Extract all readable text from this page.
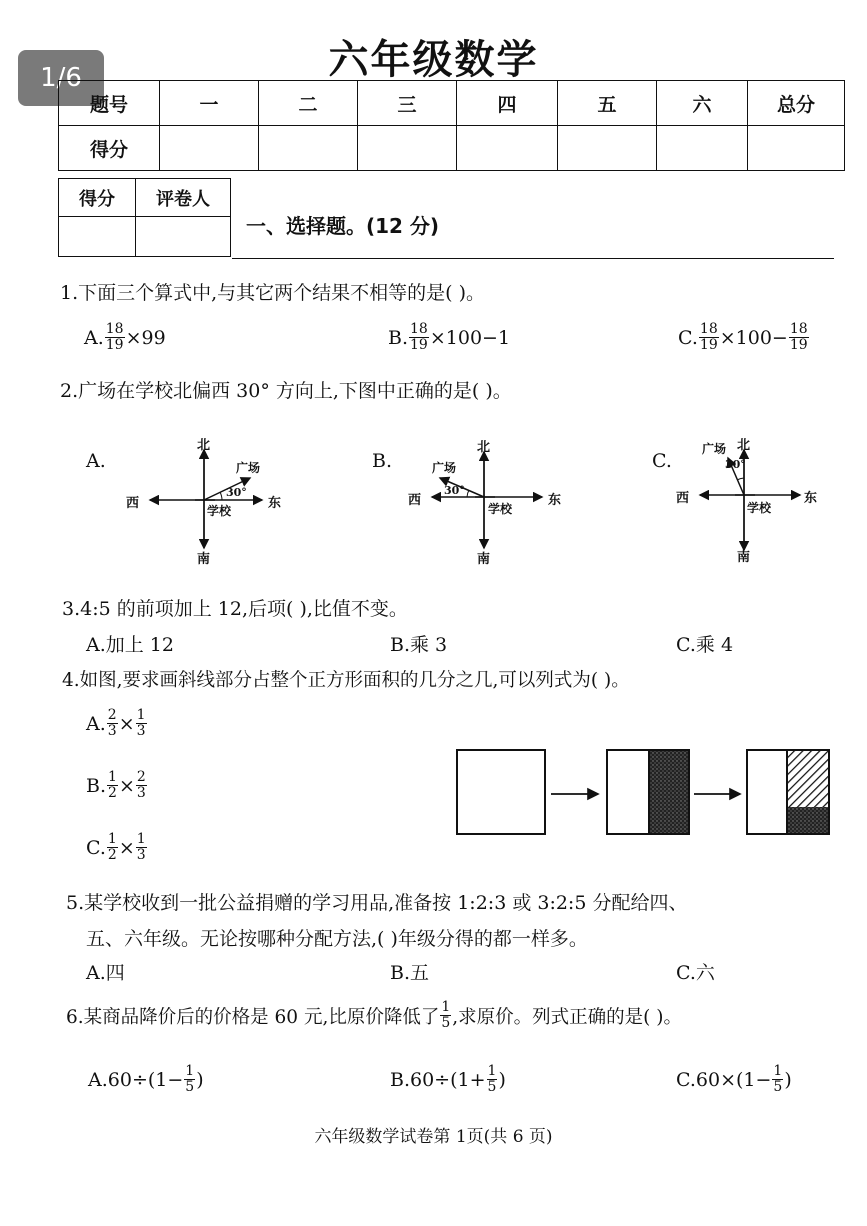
1/6	六年级数学
题号	一	二	三	四	五	六	总分
得分							
得分	评卷人

一、选择题。(12 分)
1.下面三个算式中,与其它两个结果不相等的是( )。
A. $\frac{18}{19} \times 99$	B. $\frac{18}{19} \times 100-1$	C. $\frac{18}{19} \times 100- \frac{18}{19}$
2.广场在学校北偏西 30° 方向上,下图中正确的是( )。
A.	B.	C.
北
南
西	东
广场
30°
学校
北
南
西	东
广场
30°
学校
北
南
西	东
广场
30°
学校
3.4:5 的前项加上 12,后项( ),比值不变。
A.加上 12	B.乘 3	C.乘 4
4.如图,要求画斜线部分占整个正方形面积的几分之几,可以列式为( )。
A. $\frac{2}{3} \times \frac{1}{3}$
B. $\frac{1}{2} \times \frac{2}{3}$
C. $\frac{1}{2} \times \frac{1}{3}$
5.某学校收到一批公益捐赠的学习用品,准备按 1:2:3 或 3:2:5 分配给四、
五、六年级。无论按哪种分配方法,( )年级分得的都一样多。
A.四	B.五	C.六
6.某商品降价后的价格是 60 元,比原价降低了 $\frac{1}{5}$ ,求原价。列式正确的是( )。
$A.60\div(1- \frac{1}{5}$ )	$B.60\div(1+ \frac{1}{5}$ )	$C.60\times(1- \frac{1}{5}$ )
六年级数学试卷第 1页(共 6 页)
